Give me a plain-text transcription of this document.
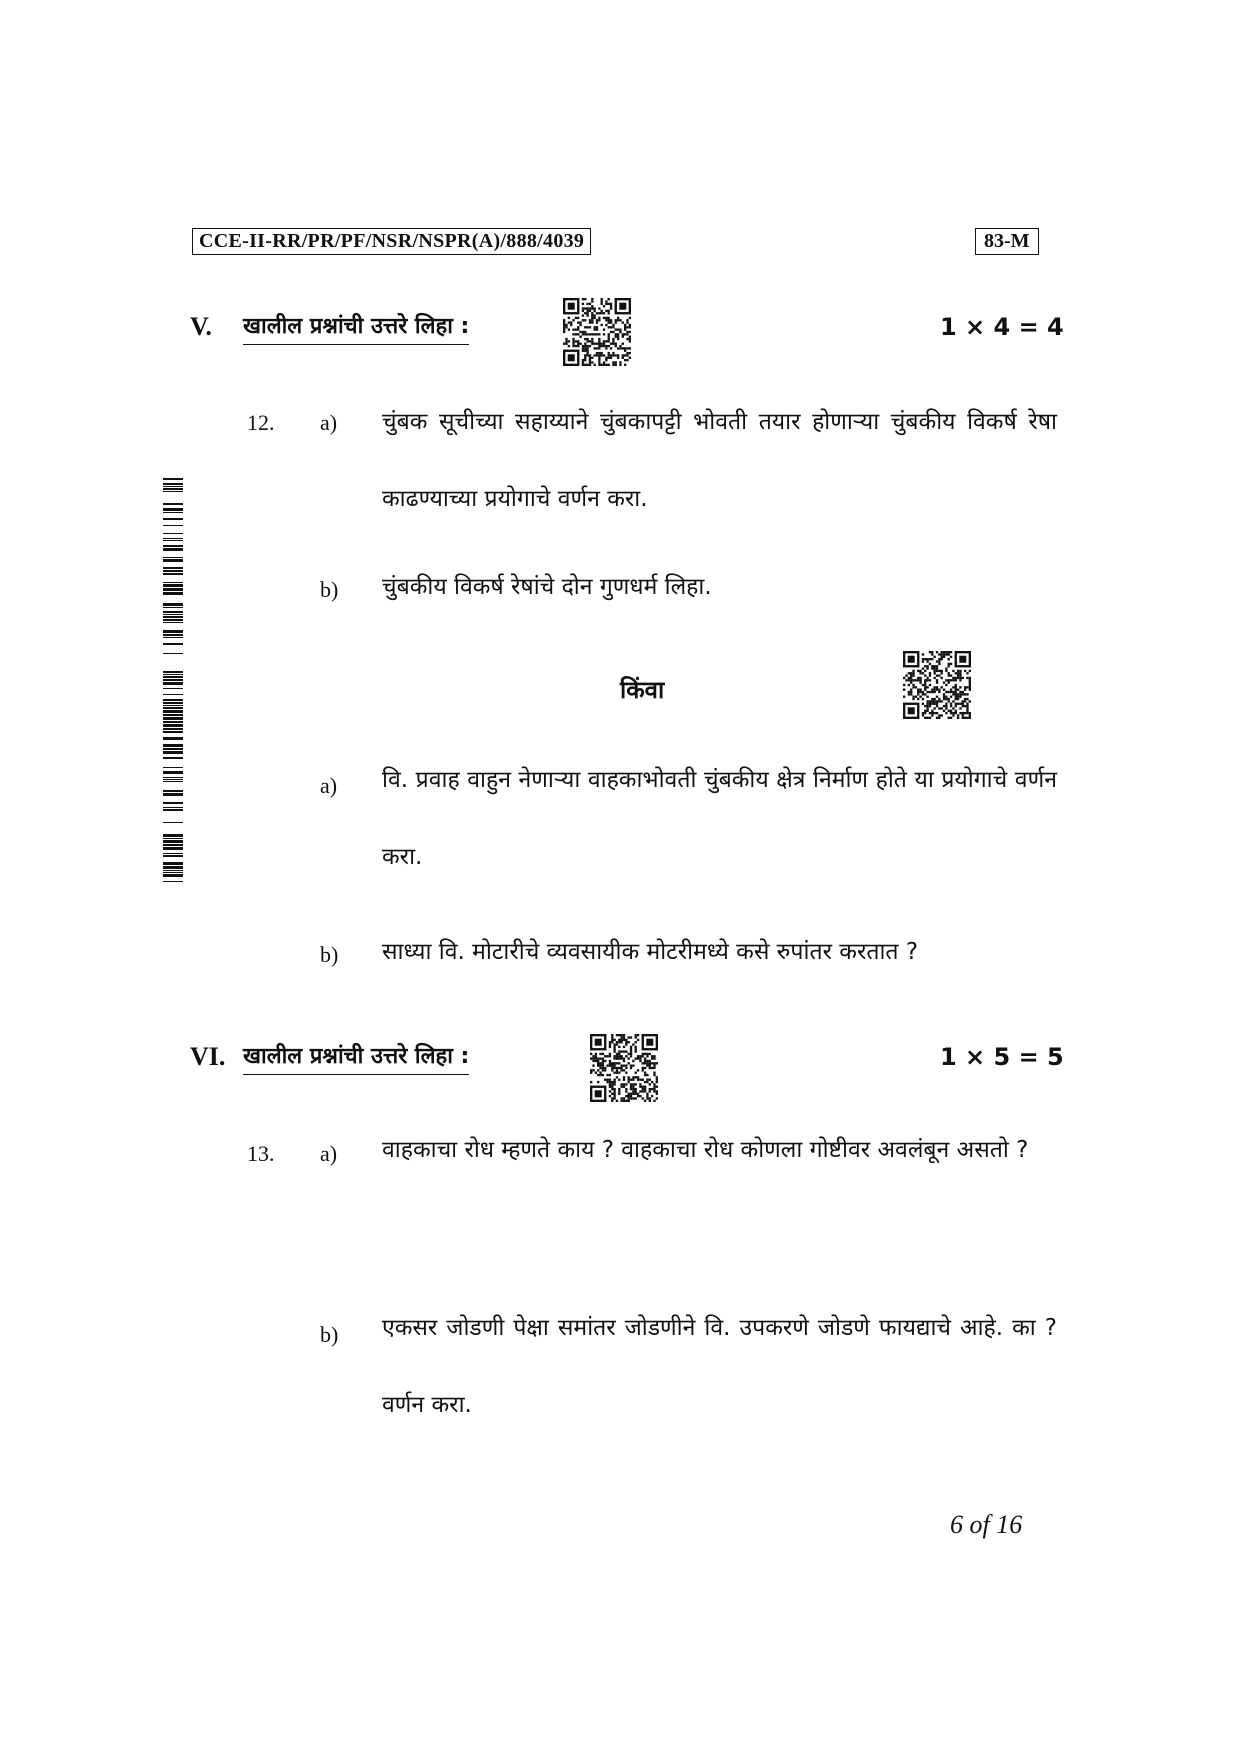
CCE-II-RR/PR/PF/NSR/NSPR(A)/888/4039	83-M
V. खालील प्रश्नांची उत्तरे लिहा :	1 × 4 = 4
12. a) चुंबक सूचीच्या सहाय्याने चुंबकापट्टी भोवती तयार होणाऱ्या चुंबकीय विकर्ष रेषा काढण्याच्या प्रयोगाचे वर्णन करा.
b) चुंबकीय विकर्ष रेषांचे दोन गुणधर्म लिहा.
किंवा
a) वि. प्रवाह वाहुन नेणाऱ्या वाहकाभोवती चुंबकीय क्षेत्र निर्माण होते या प्रयोगाचे वर्णन करा.
b) साध्या वि. मोटारीचे व्यवसायीक मोटरीमध्ये कसे रुपांतर करतात ?
VI. खालील प्रश्नांची उत्तरे लिहा :	1 × 5 = 5
13. a) वाहकाचा रोध म्हणते काय ? वाहकाचा रोध कोणला गोष्टीवर अवलंबून असतो ?
b) एकसर जोडणी पेक्षा समांतर जोडणीने वि. उपकरणे जोडणे फायद्याचे आहे. का ? वर्णन करा.
6 of 16
